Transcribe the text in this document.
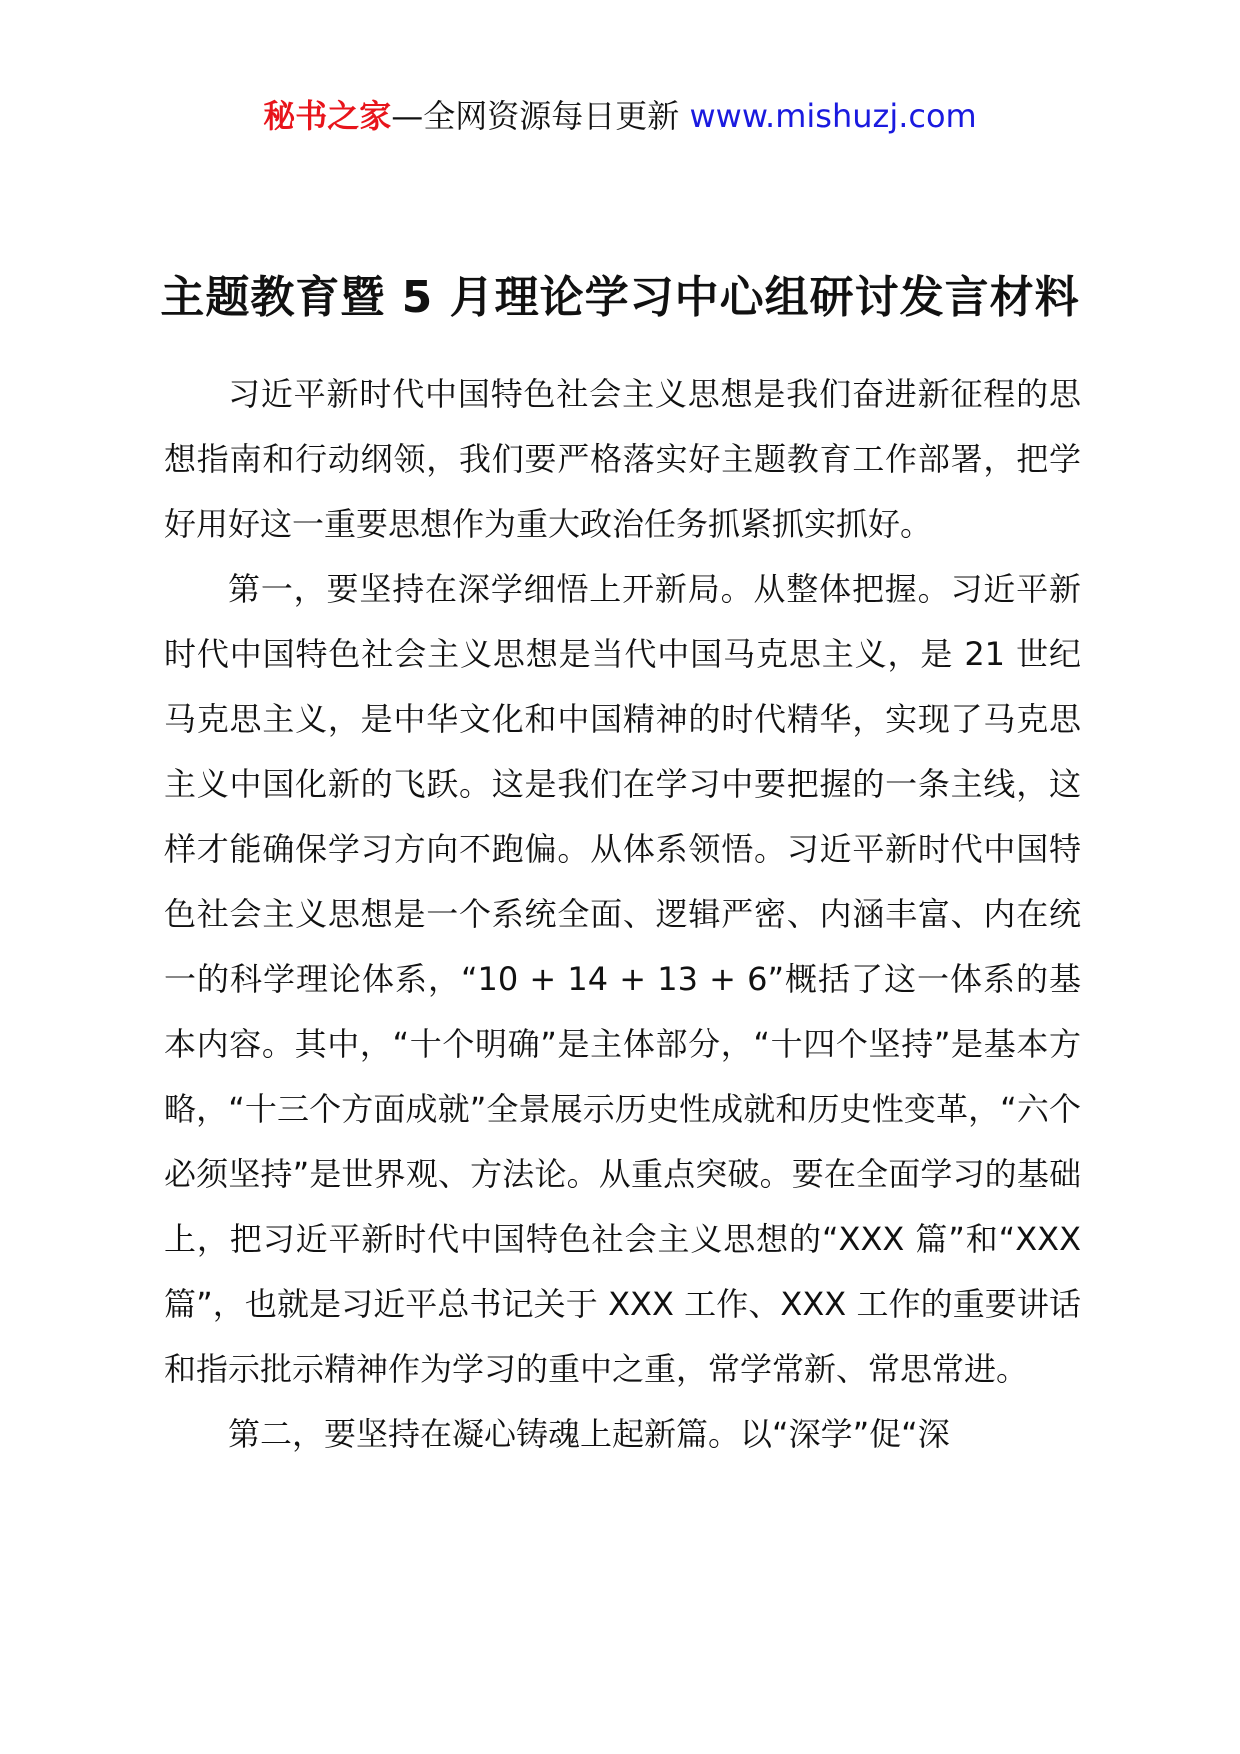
秘书之家—全网资源每日更新 www.mishuzj.com
主题教育暨 5 月理论学习中心组研讨发言材料

习近平新时代中国特色社会主义思想是我们奋进新征程的思想指南和行动纲领，我们要严格落实好主题教育工作部署，把学好用好这一重要思想作为重大政治任务抓紧抓实抓好。

第一，要坚持在深学细悟上开新局。从整体把握。习近平新时代中国特色社会主义思想是当代中国马克思主义，是 21 世纪马克思主义，是中华文化和中国精神的时代精华，实现了马克思主义中国化新的飞跃。这是我们在学习中要把握的一条主线，这样才能确保学习方向不跑偏。从体系领悟。习近平新时代中国特色社会主义思想是一个系统全面、逻辑严密、内涵丰富、内在统一的科学理论体系，“10 + 14 + 13 + 6”概括了这一体系的基本内容。其中，“十个明确”是主体部分，“十四个坚持”是基本方略，“十三个方面成就”全景展示历史性成就和历史性变革，“六个必须坚持”是世界观、方法论。从重点突破。要在全面学习的基础上，把习近平新时代中国特色社会主义思想的“XXX 篇”和“XXX 篇”，也就是习近平总书记关于 XXX 工作、XXX 工作的重要讲话和指示批示精神作为学习的重中之重，常学常新、常思常进。

第二，要坚持在凝心铸魂上起新篇。以“深学”促“深
